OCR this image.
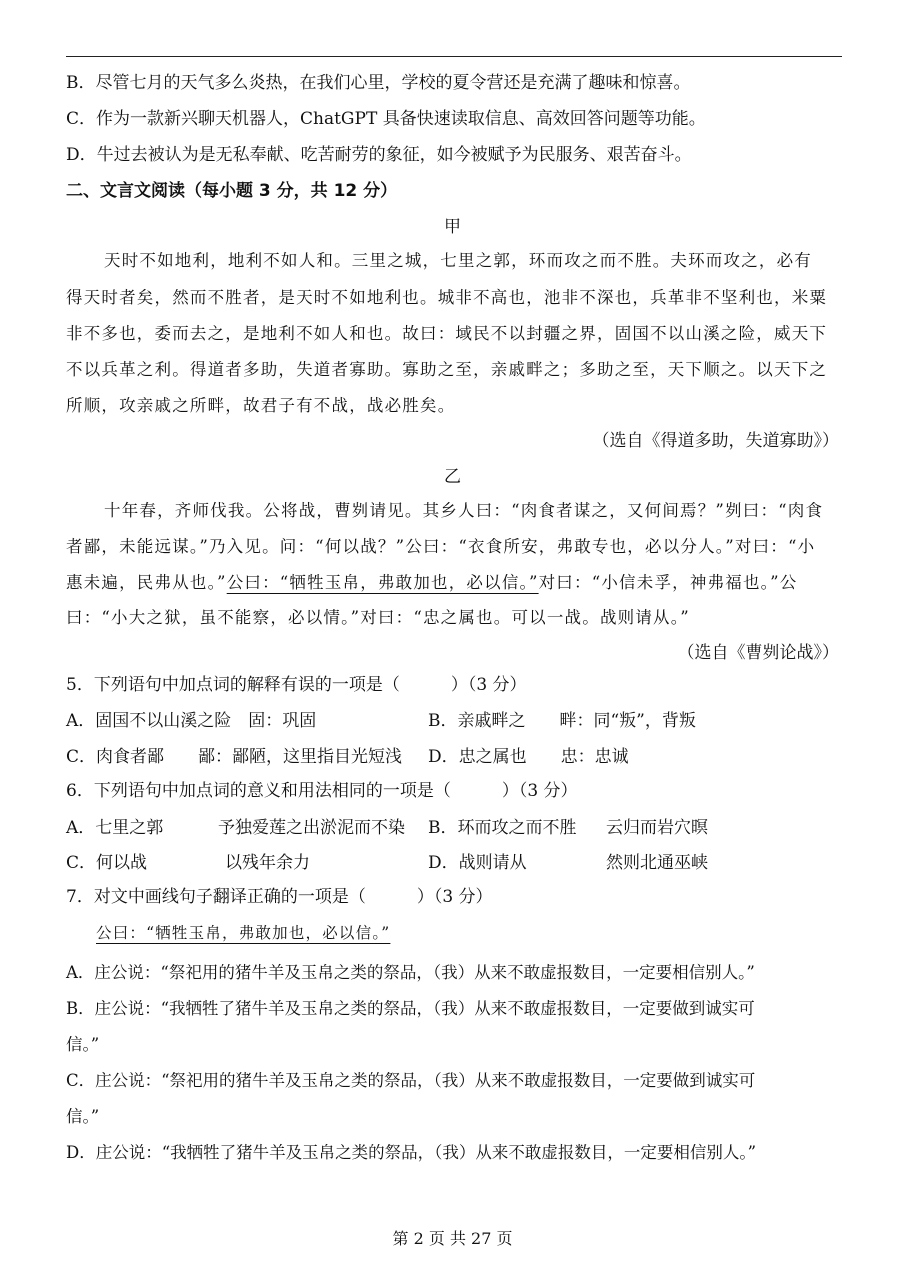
B．尽管七月的天气多么炎热，在我们心里，学校的夏令营还是充满了趣味和惊喜。
C．作为一款新兴聊天机器人，ChatGPT 具备快速读取信息、高效回答问题等功能。
D．牛过去被认为是无私奉献、吃苦耐劳的象征，如今被赋予为民服务、艰苦奋斗。
二、文言文阅读（每小题 3 分，共 12 分）
甲
天时不如地利，地利不如人和。三里之城，七里之郭，环而攻之而不胜。夫环而攻之，必有
得天时者矣，然而不胜者，是天时不如地利也。城非不高也，池非不深也，兵革非不坚利也，米粟
非不多也，委而去之，是地利不如人和也。故曰：域民不以封疆之界，固国不以山溪之险，威天下
不以兵革之利。得道者多助，失道者寡助。寡助之至，亲戚畔之；多助之至，天下顺之。以天下之
所顺，攻亲戚之所畔，故君子有不战，战必胜矣。
（选自《得道多助，失道寡助》）
乙
十年春，齐师伐我。公将战，曹刿请见。其乡人曰：“肉食者谋之，又何间焉？”刿曰：“肉食
者鄙，未能远谋。”乃入见。问：“何以战？”公曰：“衣食所安，弗敢专也，必以分人。”对曰：“小
惠未遍，民弗从也。”公曰：“牺牲玉帛，弗敢加也，必以信。”对曰：“小信未孚，神弗福也。”公
曰：“小大之狱，虽不能察，必以情。”对曰：“忠之属也。可以一战。战则请从。”
（选自《曹刿论战》）
5．下列语句中加点词的解释有误的一项是（　　　）（3 分）
A．固国不以山溪之险　固：巩固	B．亲戚畔之　　畔：同“叛”，背叛
C．肉食者鄙　　鄙：鄙陋，这里指目光短浅 D．忠之属也　　忠：忠诚
6．下列语句中加点词的意义和用法相同的一项是（　　　）（3 分）
A．七里之郭	予独爱莲之出淤泥而不染 B．环而攻之而不胜 云归而岩穴暝
C．何以战	以残年余力	D．战则请从	然则北通巫峡
7．对文中画线句子翻译正确的一项是（　　　）（3 分）
公曰：“牺牲玉帛，弗敢加也，必以信。”
A．庄公说：“祭祀用的猪牛羊及玉帛之类的祭品，（我）从来不敢虚报数目，一定要相信别人。”
B．庄公说：“我牺牲了猪牛羊及玉帛之类的祭品，（我）从来不敢虚报数目，一定要做到诚实可
信。”
C．庄公说：“祭祀用的猪牛羊及玉帛之类的祭品，（我）从来不敢虚报数目，一定要做到诚实可
信。”
D．庄公说：“我牺牲了猪牛羊及玉帛之类的祭品，（我）从来不敢虚报数目，一定要相信别人。”
第 2 页 共 27 页
